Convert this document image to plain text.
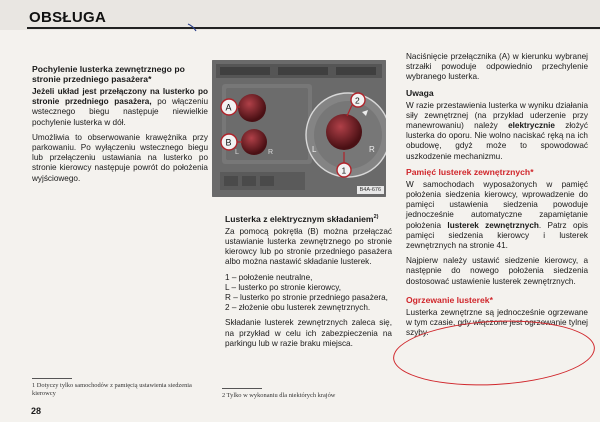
OBSŁUGA
Pochylenie lusterka zewnętrznego po stronie przedniego pasażera*

Jeżeli układ jest przełączony na lusterko po stronie przedniego pasażera, po włączeniu wstecznego biegu następuje niewielkie pochylenie lusterka w dół.

Umożliwia to obserwowanie krawężnika przy parkowaniu. Po wyłączeniu wstecznego biegu lub przełączeniu ustawiania na lusterko po stronie kierowcy następuje powrót do położenia wyjściowego.

L	R
A
B
L	R
2
1
B4A-676
Lusterka z elektrycznym składaniem$^{2)}$

Za pomocą pokrętła (B) można przełączać ustawianie lusterka zewnętrznego po stronie kierowcy lub po stronie przedniego pasażera albo można nastawić składanie lusterek.

1 – położenie neutralne,
L – lusterko po stronie kierowcy,
R – lusterko po stronie przedniego pasażera,
2 – złożenie obu lusterek zewnętrznych.

Składanie lusterek zewnętrznych zaleca się, na przykład w celu ich zabezpieczenia na parkingu lub w razie braku miejsca.

Naciśnięcie przełącznika (A) w kierunku wybranej strzałki powoduje odpowiednio przechylenie wybranego lusterka.

Uwaga

W razie przestawienia lusterka w wyniku działania siły zewnętrznej (na przykład uderzenie przy manewrowaniu) należy elektrycznie złożyć lusterka do oporu. Nie wolno naciskać ręką na ich obudowę, gdyż może to spowodować uszkodzenie mechanizmu.

Pamięć lusterek zewnętrznych*

W samochodach wyposażonych w pamięć położenia siedzenia kierowcy, wprowadzenie do pamięci ustawienia siedzenia powoduje jednocześnie automatyczne zapamiętanie położenia lusterek zewnętrznych. Patrz opis pamięci siedzenia kierowcy i lusterek zewnętrznych na stronie 41.

Najpierw należy ustawić siedzenie kierowcy, a następnie do nowego położenia siedzenia dostosować ustawienie lusterek zewnętrznych.

Ogrzewanie lusterek*

Lusterka zewnętrzne są jednocześnie ogrzewane w tym czasie, gdy włączone jest ogrzewanie tylnej szyby.

1 Dotyczy tylko samochodów z pamięcią ustawienia siedzenia kierowcy	2 Tylko w wykonaniu dla niektórych krajów
28
